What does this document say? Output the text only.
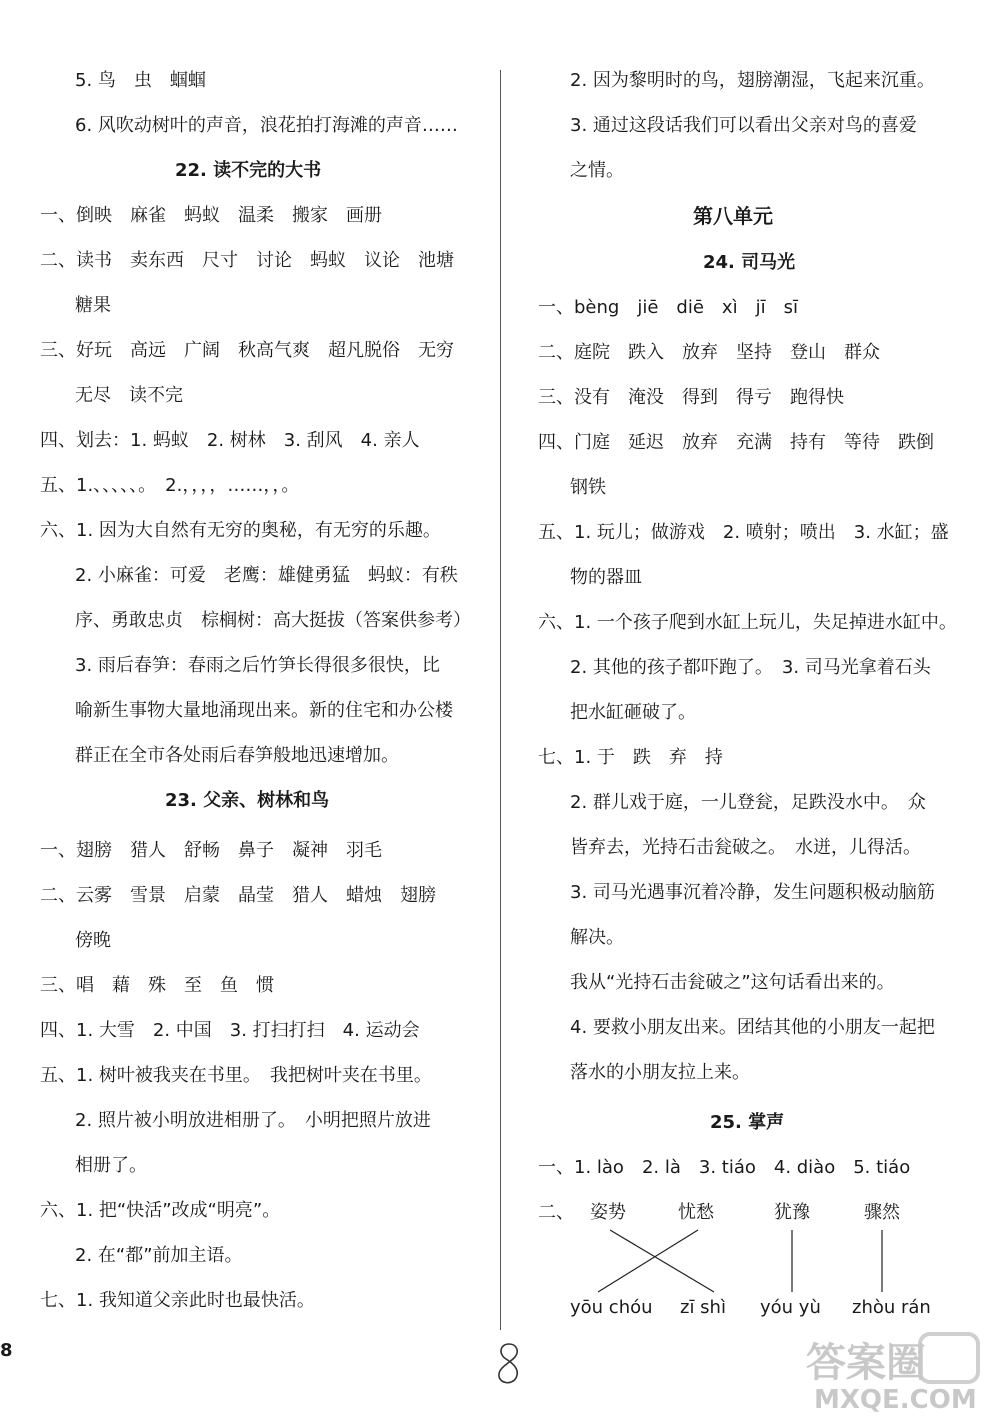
5. 鸟　虫　蝈蝈
6. 风吹动树叶的声音，浪花拍打海滩的声音……
22. 读不完的大书
一、倒映　麻雀　蚂蚁　温柔　搬家　画册
二、读书　卖东西　尺寸　讨论　蚂蚁　议论　池塘
糖果
三、好玩　高远　广阔　秋高气爽　超凡脱俗　无穷
无尽　读不完
四、划去：1. 蚂蚁　2. 树林　3. 刮风　4. 亲人
五、1.、、、、、。　2.，，，，……，，。
六、1. 因为大自然有无穷的奥秘，有无穷的乐趣。
2. 小麻雀：可爱　老鹰：雄健勇猛　蚂蚁：有秩
序、勇敢忠贞　棕榈树：高大挺拔（答案供参考）
3. 雨后春笋：春雨之后竹笋长得很多很快，比
喻新生事物大量地涌现出来。新的住宅和办公楼
群正在全市各处雨后春笋般地迅速增加。
23. 父亲、树林和鸟
一、翅膀　猎人　舒畅　鼻子　凝神　羽毛
二、云雾　雪景　启蒙　晶莹　猎人　蜡烛　翅膀
傍晚
三、唱　藉　殊　至　鱼　惯
四、1. 大雪　2. 中国　3. 打扫打扫　4. 运动会
五、1. 树叶被我夹在书里。　我把树叶夹在书里。
2. 照片被小明放进相册了。　小明把照片放进
相册了。
六、1. 把“快活”改成“明亮”。
2. 在“都”前加主语。
七、1. 我知道父亲此时也最快活。
二、 姿势	忧愁	犹豫	骤然
yōu chóu zī shì yóu yù zhòu rán
2. 因为黎明时的鸟，翅膀潮湿，飞起来沉重。
3. 通过这段话我们可以看出父亲对鸟的喜爱
之情。
第八单元
24. 司马光
一、bèng　jiē　diē　xì　jī　sī
二、庭院　跌入　放弃　坚持　登山　群众
三、没有　淹没　得到　得亏　跑得快
四、门庭　延迟　放弃　充满　持有　等待　跌倒
钢铁
五、1. 玩儿；做游戏　2. 喷射；喷出　3. 水缸；盛
物的器皿
六、1. 一个孩子爬到水缸上玩儿，失足掉进水缸中。
2. 其他的孩子都吓跑了。　3. 司马光拿着石头
把水缸砸破了。
七、1. 于　跌　弃　持
2. 群儿戏于庭，一儿登瓮，足跌没水中。　众
皆弃去，光持石击瓮破之。　水迸，儿得活。
3. 司马光遇事沉着冷静，发生问题积极动脑筋
解决。
我从“光持石击瓮破之”这句话看出来的。
4. 要救小朋友出来。团结其他的小朋友一起把
落水的小朋友拉上来。
25. 掌声
一、1. lào　2. là　3. tiáo　4. diào　5. tiáo
8	答案圈
MXQE.COM
